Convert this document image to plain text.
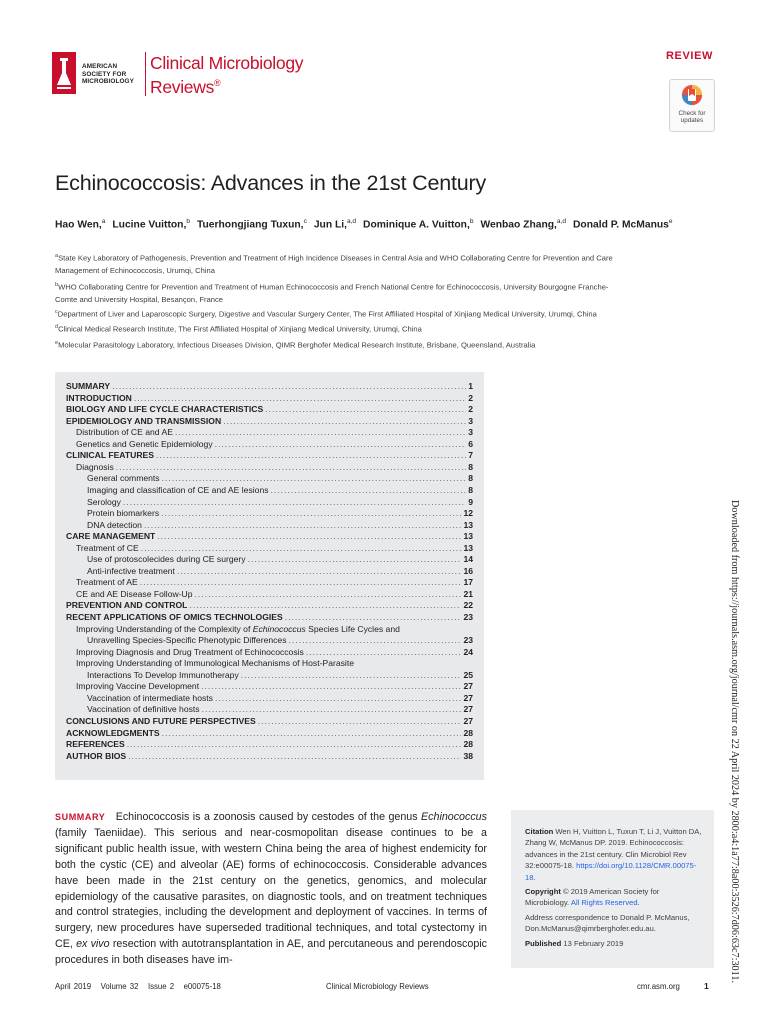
AMERICAN
SOCIETY FOR
MICROBIOLOGY
Clinical Microbiology
Reviews®
REVIEW
Check for
updates
Echinococcosis: Advances in the 21st Century
Hao Wen,$^a$ Lucine Vuitton,$^b$ Tuerhongjiang Tuxun,$^c$ Jun Li,$^{a,d}$ Dominique A. Vuitton,$^b$ Wenbao Zhang,$^{a,d}$ Donald P. McManus$^e$
$^a$State Key Laboratory of Pathogenesis, Prevention and Treatment of High Incidence Diseases in Central Asia and WHO Collaborating Centre for Prevention and Care
Management of Echinococcosis, Urumqi, China
$^b$WHO Collaborating Centre for Prevention and Treatment of Human Echinococcosis and French National Centre for Echinococcosis, University Bourgogne Franche-
Comte and University Hospital, Besançon, France
$^c$Department of Liver and Laparoscopic Surgery, Digestive and Vascular Surgery Center, The First Affiliated Hospital of Xinjiang Medical University, Urumqi, China
$^d$Clinical Medical Research Institute, The First Affiliated Hospital of Xinjiang Medical University, Urumqi, China
$^e$Molecular Parasitology Laboratory, Infectious Diseases Division, QIMR Berghofer Medical Research Institute, Brisbane, Queensland, Australia
SUMMARY .....	1
INTRODUCTION .....	2
BIOLOGY AND LIFE CYCLE CHARACTERISTICS .....	2
EPIDEMIOLOGY AND TRANSMISSION .....	3
Distribution of CE and AE .....	3
Genetics and Genetic Epidemiology .....	6
CLINICAL FEATURES .....	7
Diagnosis .....	8
General comments .....	8
Imaging and classification of CE and AE lesions .....	8
Serology .....	9
Protein biomarkers .....	12
DNA detection .....	13
CARE MANAGEMENT .....	13
Treatment of CE .....	13
Use of protoscolecides during CE surgery .....	14
Anti-infective treatment .....	16
Treatment of AE .....	17
CE and AE Disease Follow-Up .....	21
PREVENTION AND CONTROL .....	22
RECENT APPLICATIONS OF OMICS TECHNOLOGIES .....	23
Improving Understanding of the Complexity of Echinococcus Species Life Cycles and
Unravelling Species-Specific Phenotypic Differences .....	23
Improving Diagnosis and Drug Treatment of Echinococcosis .....	24
Improving Understanding of Immunological Mechanisms of Host-Parasite
Interactions To Develop Immunotherapy .....	25
Improving Vaccine Development .....	27
Vaccination of intermediate hosts .....	27
Vaccination of definitive hosts .....	27
CONCLUSIONS AND FUTURE PERSPECTIVES .....	27
ACKNOWLEDGMENTS .....	28
REFERENCES .....	28
AUTHOR BIOS .....	38
SUMMARY Echinococcosis is a zoonosis caused by cestodes of the genus Echinococcus (family Taeniidae). This serious and near-cosmopolitan disease continues to be a significant public health issue, with western China being the area of highest endemicity for both the cystic (CE) and alveolar (AE) forms of echinococcosis. Considerable advances have been made in the 21st century on the genetics, genomics, and molecular epidemiology of the causative parasites, on diagnostic tools, and on treatment techniques and control strategies, including the development and deployment of vaccines. In terms of surgery, new procedures have superseded traditional techniques, and total cystectomy in CE, ex vivo resection with autotransplantation in AE, and percutaneous and perendoscopic procedures in both diseases have im-
Citation Wen H, Vuitton L, Tuxun T, Li J, Vuitton DA, Zhang W, McManus DP. 2019. Echinococcosis: advances in the 21st century. Clin Microbiol Rev 32:e00075-18. https://doi.org/10.1128/CMR.00075-18.
Copyright © 2019 American Society for Microbiology. All Rights Reserved.
Address correspondence to Donald P. McManus, Don.McManus@qimrberghofer.edu.au.
Published 13 February 2019	Downloaded from https://journals.asm.org/journal/cmr on 22 April 2024 by 2800:a4:1a77:8a00:3526:7d06:63c7:3011.
April 2019   Volume 32   Issue 2   e00075-18	Clinical Microbiology Reviews	cmr.asm.org	1
